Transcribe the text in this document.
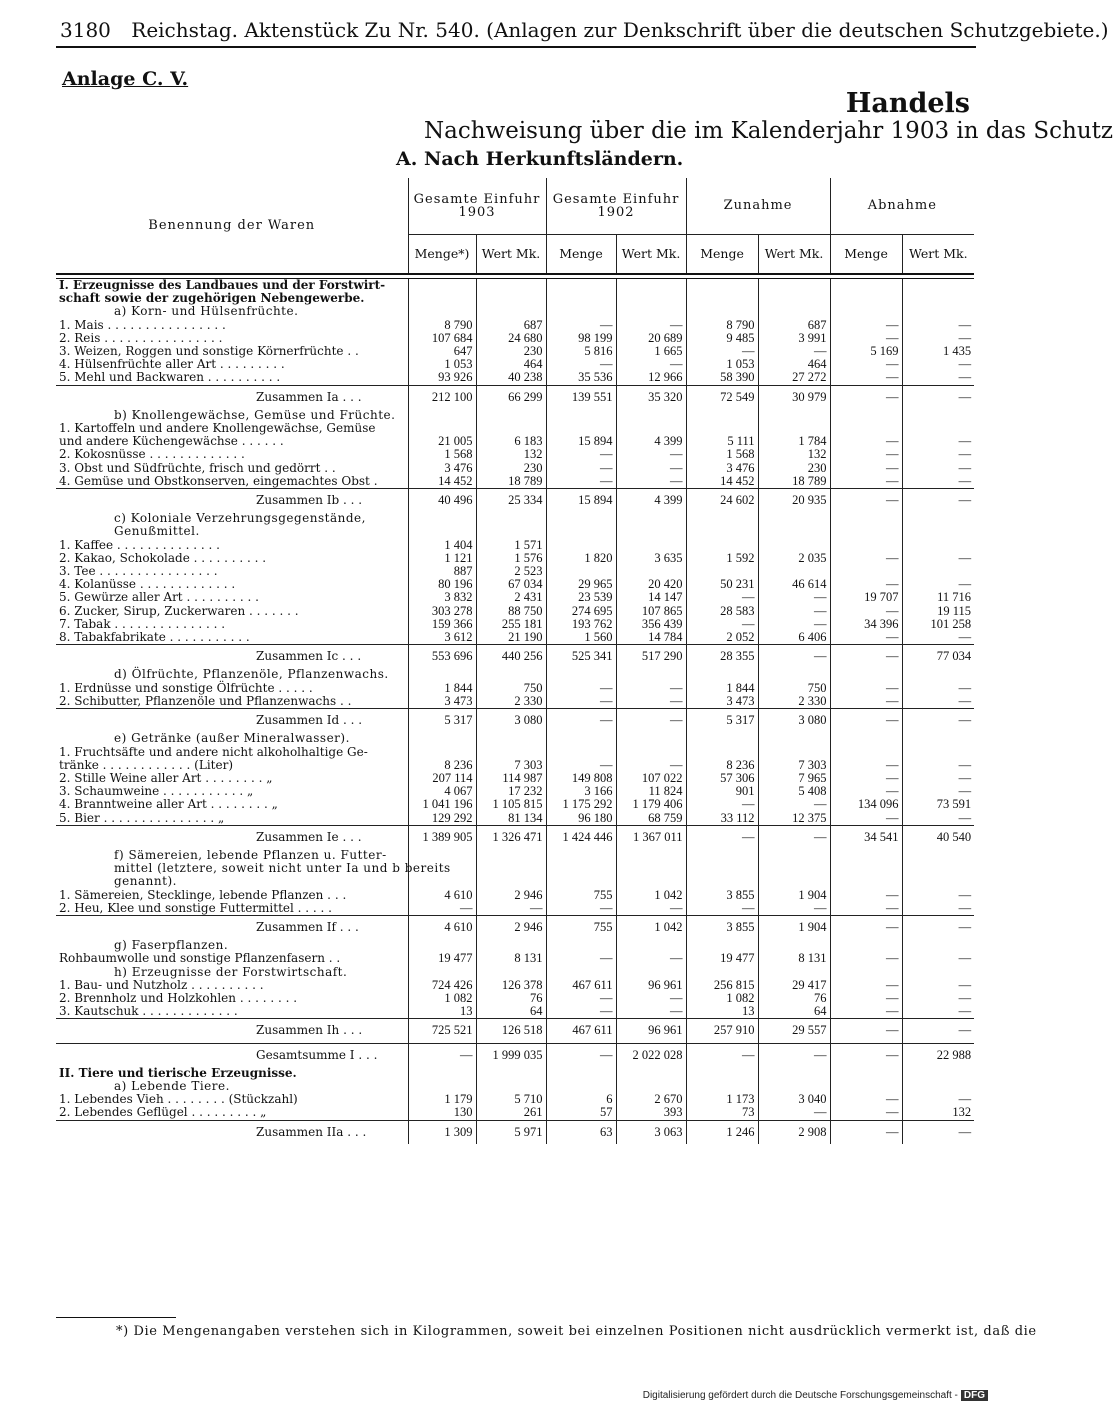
3180 Reichstag. Aktenstück Zu Nr. 540. (Anlagen zur Denkschrift über die deutschen Schutzgebiete.)
Anlage C. V.
Handels
Nachweisung über die im Kalenderjahr 1903 in das Schutz
A. Nach Herkunftsländern.
Benennung der Waren	Gesamte Einfuhr 1903		Gesamte Einfuhr 1902		Zunahme		Abnahme	
	Menge*)	Wert Mk.	Menge	Wert Mk.	Menge	Wert Mk.	Menge	Wert Mk.

I. Erzeugnisse des Landbaues und der Forstwirt-								
schaft sowie der zugehörigen Nebengewerbe.								
a) Korn- und Hülsenfrüchte.								
1. Mais . . . . . . . . . . . . . . . .	8 790	687	—	—	8 790	687	—	—
2. Reis . . . . . . . . . . . . . . . .	107 684	24 680	98 199	20 689	9 485	3 991	—	—
3. Weizen, Roggen und sonstige Körnerfrüchte . .	647	230	5 816	1 665	—	—	5 169	1 435
4. Hülsenfrüchte aller Art . . . . . . . . .	1 053	464	—	—	1 053	464	—	—
5. Mehl und Backwaren . . . . . . . . . .	93 926	40 238	35 536	12 966	58 390	27 272	—	—
Zusammen Ia . . .	212 100	66 299	139 551	35 320	72 549	30 979	—	—
b) Knollengewächse, Gemüse und Früchte.								
1. Kartoffeln und andere Knollengewächse, Gemüse								
und andere Küchengewächse . . . . . .	21 005	6 183	15 894	4 399	5 111	1 784	—	—
2. Kokosnüsse . . . . . . . . . . . . .	1 568	132	—	—	1 568	132	—	—
3. Obst und Südfrüchte, frisch und gedörrt . .	3 476	230	—	—	3 476	230	—	—
4. Gemüse und Obstkonserven, eingemachtes Obst .	14 452	18 789	—	—	14 452	18 789	—	—
Zusammen Ib . . .	40 496	25 334	15 894	4 399	24 602	20 935	—	—
c) Koloniale Verzehrungsgegenstände,								
Genußmittel.								
1. Kaffee . . . . . . . . . . . . . .	1 404	1 571						
2. Kakao, Schokolade . . . . . . . . . .	1 121	1 576	1 820	3 635	1 592	2 035	—	—
3. Tee . . . . . . . . . . . . . . . .	887	2 523						
4. Kolanüsse . . . . . . . . . . . . .	80 196	67 034	29 965	20 420	50 231	46 614	—	—
5. Gewürze aller Art . . . . . . . . . .	3 832	2 431	23 539	14 147	—	—	19 707	11 716
6. Zucker, Sirup, Zuckerwaren . . . . . . .	303 278	88 750	274 695	107 865	28 583	—	—	19 115
7. Tabak . . . . . . . . . . . . . . .	159 366	255 181	193 762	356 439	—	—	34 396	101 258
8. Tabakfabrikate . . . . . . . . . . .	3 612	21 190	1 560	14 784	2 052	6 406	—	—
Zusammen Ic . . .	553 696	440 256	525 341	517 290	28 355	—	—	77 034
d) Ölfrüchte, Pflanzenöle, Pflanzenwachs.								
1. Erdnüsse und sonstige Ölfrüchte . . . . .	1 844	750	—	—	1 844	750	—	—
2. Schibutter, Pflanzenöle und Pflanzenwachs . .	3 473	2 330	—	—	3 473	2 330	—	—
Zusammen Id . . .	5 317	3 080	—	—	5 317	3 080	—	—
e) Getränke (außer Mineralwasser).								
1. Fruchtsäfte und andere nicht alkoholhaltige Ge-								
tränke . . . . . . . . . . . . (Liter)	8 236	7 303	—	—	8 236	7 303	—	—
2. Stille Weine aller Art . . . . . . . . „	207 114	114 987	149 808	107 022	57 306	7 965	—	—
3. Schaumweine . . . . . . . . . . . „	4 067	17 232	3 166	11 824	901	5 408	—	—
4. Branntweine aller Art . . . . . . . . „	1 041 196	1 105 815	1 175 292	1 179 406	—	—	134 096	73 591
5. Bier . . . . . . . . . . . . . . . „	129 292	81 134	96 180	68 759	33 112	12 375	—	—
Zusammen Ie . . .	1 389 905	1 326 471	1 424 446	1 367 011	—	—	34 541	40 540
f) Sämereien, lebende Pflanzen u. Futter-								
mittel (letztere, soweit nicht unter Ia und b bereits								
genannt).								
1. Sämereien, Stecklinge, lebende Pflanzen . . .	4 610	2 946	755	1 042	3 855	1 904	—	—
2. Heu, Klee und sonstige Futtermittel . . . . .	—	—	—	—	—	—	—	—
Zusammen If . . .	4 610	2 946	755	1 042	3 855	1 904	—	—
g) Faserpflanzen.								
Rohbaumwolle und sonstige Pflanzenfasern . .	19 477	8 131	—	—	19 477	8 131	—	—
h) Erzeugnisse der Forstwirtschaft.								
1. Bau- und Nutzholz . . . . . . . . . .	724 426	126 378	467 611	96 961	256 815	29 417	—	—
2. Brennholz und Holzkohlen . . . . . . . .	1 082	76	—	—	1 082	76	—	—
3. Kautschuk . . . . . . . . . . . . .	13	64	—	—	13	64	—	—
Zusammen Ih . . .	725 521	126 518	467 611	96 961	257 910	29 557	—	—
Gesamtsumme I . . .	—	1 999 035	—	2 022 028	—	—	—	22 988
II. Tiere und tierische Erzeugnisse.								
a) Lebende Tiere.								
1. Lebendes Vieh . . . . . . . . (Stückzahl)	1 179	5 710	6	2 670	1 173	3 040	—	—
2. Lebendes Geflügel . . . . . . . . . „	130	261	57	393	73	—	—	132
Zusammen IIa . . .	1 309	5 971	63	3 063	1 246	2 908	—	—
*) Die Mengenangaben verstehen sich in Kilogrammen, soweit bei einzelnen Positionen nicht ausdrücklich vermerkt ist, daß die
Digitalisierung gefördert durch die Deutsche Forschungsgemeinschaft - DFG
